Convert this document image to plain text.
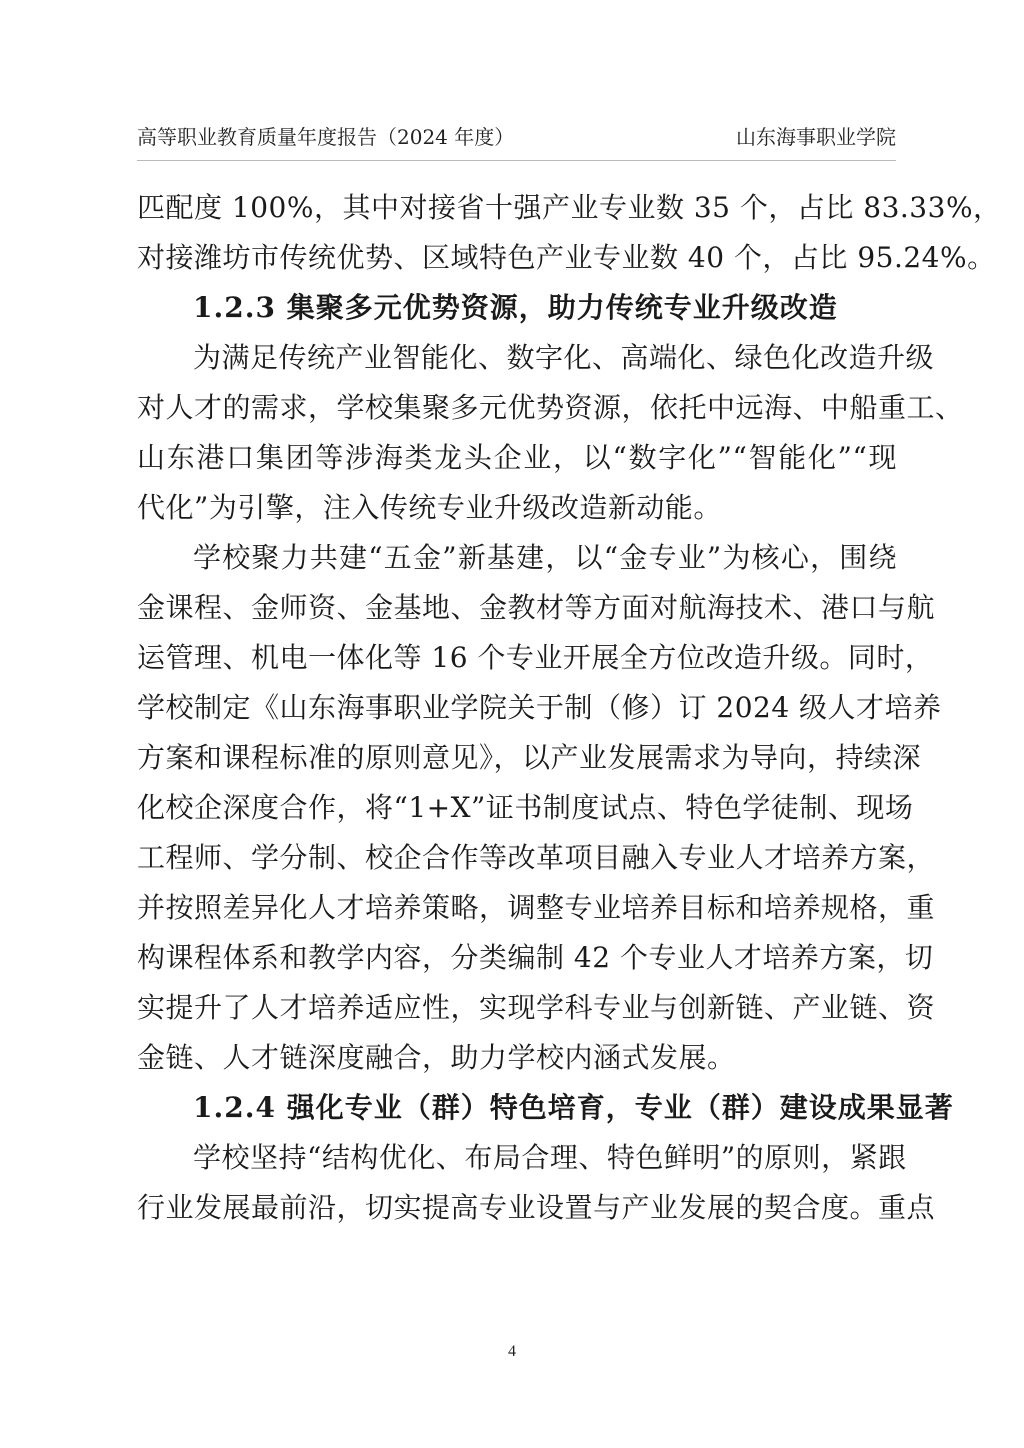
高等职业教育质量年度报告（2024 年度）	山东海事职业学院
匹配度 100%，其中对接省十强产业专业数 35 个，占比 83.33%，
对接潍坊市传统优势、区域特色产业专业数 40 个，占比 95.24%。
1.2.3 集聚多元优势资源，助力传统专业升级改造
为满足传统产业智能化、数字化、高端化、绿色化改造升级
对人才的需求，学校集聚多元优势资源，依托中远海、中船重工、
山东港口集团等涉海类龙头企业，以“数字化”“智能化”“现
代化”为引擎，注入传统专业升级改造新动能。
学校聚力共建“五金”新基建，以“金专业”为核心，围绕
金课程、金师资、金基地、金教材等方面对航海技术、港口与航
运管理、机电一体化等 16 个专业开展全方位改造升级。同时，
学校制定《山东海事职业学院关于制（修）订 2024 级人才培养
方案和课程标准的原则意见》，以产业发展需求为导向，持续深
化校企深度合作，将“1+X”证书制度试点、特色学徒制、现场
工程师、学分制、校企合作等改革项目融入专业人才培养方案，
并按照差异化人才培养策略，调整专业培养目标和培养规格，重
构课程体系和教学内容，分类编制 42 个专业人才培养方案，切
实提升了人才培养适应性，实现学科专业与创新链、产业链、资
金链、人才链深度融合，助力学校内涵式发展。
1.2.4 强化专业（群）特色培育，专业（群）建设成果显著
学校坚持“结构优化、布局合理、特色鲜明”的原则，紧跟
行业发展最前沿，切实提高专业设置与产业发展的契合度。重点
4
